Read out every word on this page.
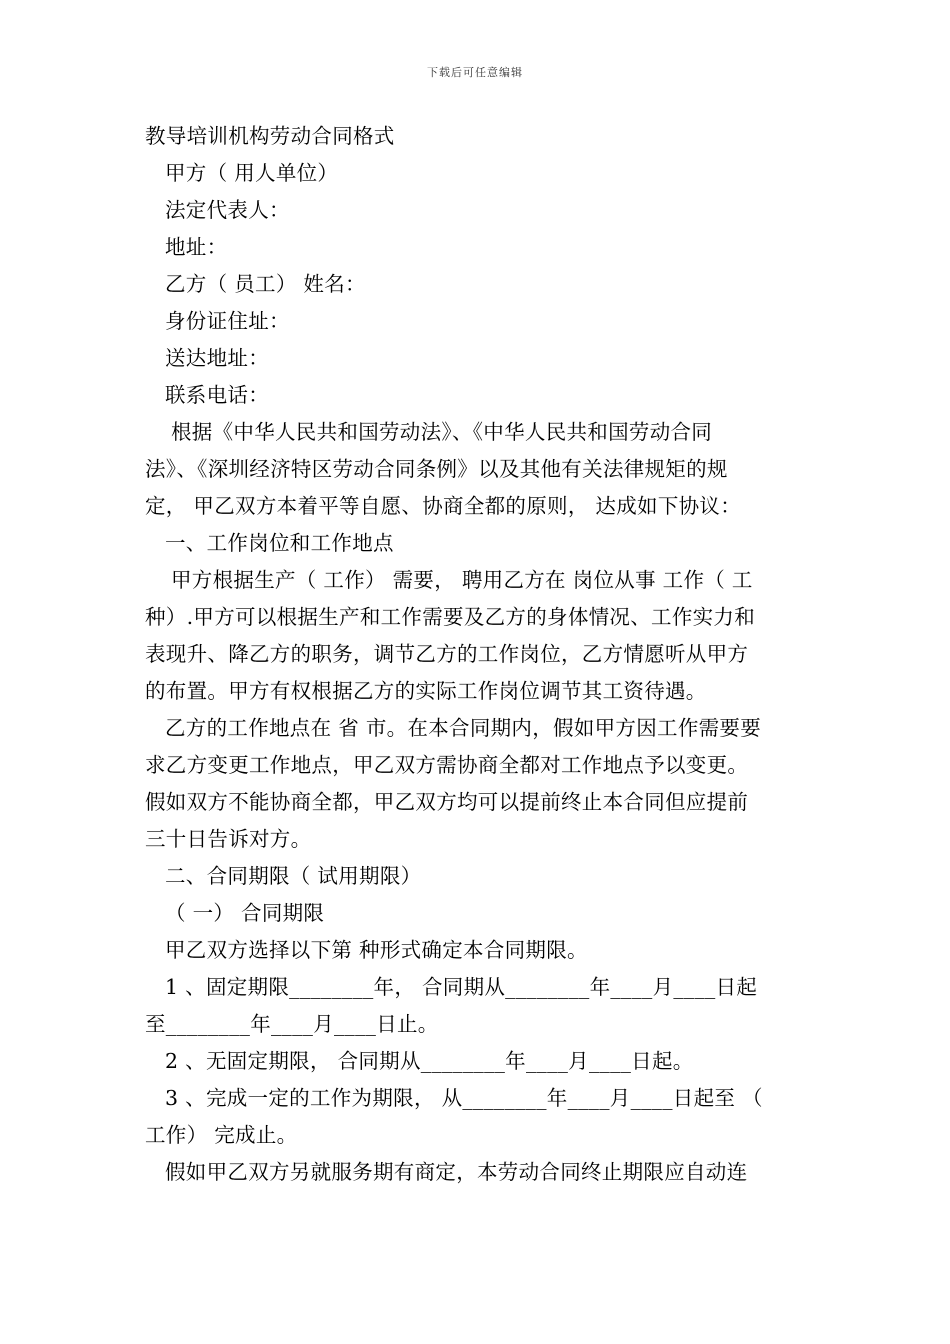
下载后可任意编辑
教导培训机构劳动合同格式
甲方（ 用人单位）
法定代表人：
地址：
乙方（ 员工） 姓名：
身份证住址：
送达地址：
联系电话：
根据《中华人民共和国劳动法》、《中华人民共和国劳动合同
法》、《深圳经济特区劳动合同条例》以及其他有关法律规矩的规
定， 甲乙双方本着平等自愿、协商全都的原则， 达成如下协议：
一、工作岗位和工作地点
甲方根据生产（ 工作） 需要， 聘用乙方在 岗位从事 工作（ 工
种）.甲方可以根据生产和工作需要及乙方的身体情况、工作实力和
表现升、降乙方的职务，调节乙方的工作岗位，乙方情愿听从甲方
的布置。甲方有权根据乙方的实际工作岗位调节其工资待遇。
乙方的工作地点在 省 市。在本合同期内，假如甲方因工作需要要
求乙方变更工作地点，甲乙双方需协商全都对工作地点予以变更。
假如双方不能协商全都，甲乙双方均可以提前终止本合同但应提前
三十日告诉对方。
二、合同期限（ 试用期限）
（ 一） 合同期限
甲乙双方选择以下第 种形式确定本合同期限。
1 、固定期限________年， 合同期从________年____月____日起
至________年____月____日止。
2 、无固定期限， 合同期从________年____月____日起。
3 、完成一定的工作为期限， 从________年____月____日起至 （
工作） 完成止。
假如甲乙双方另就服务期有商定，本劳动合同终止期限应自动连
